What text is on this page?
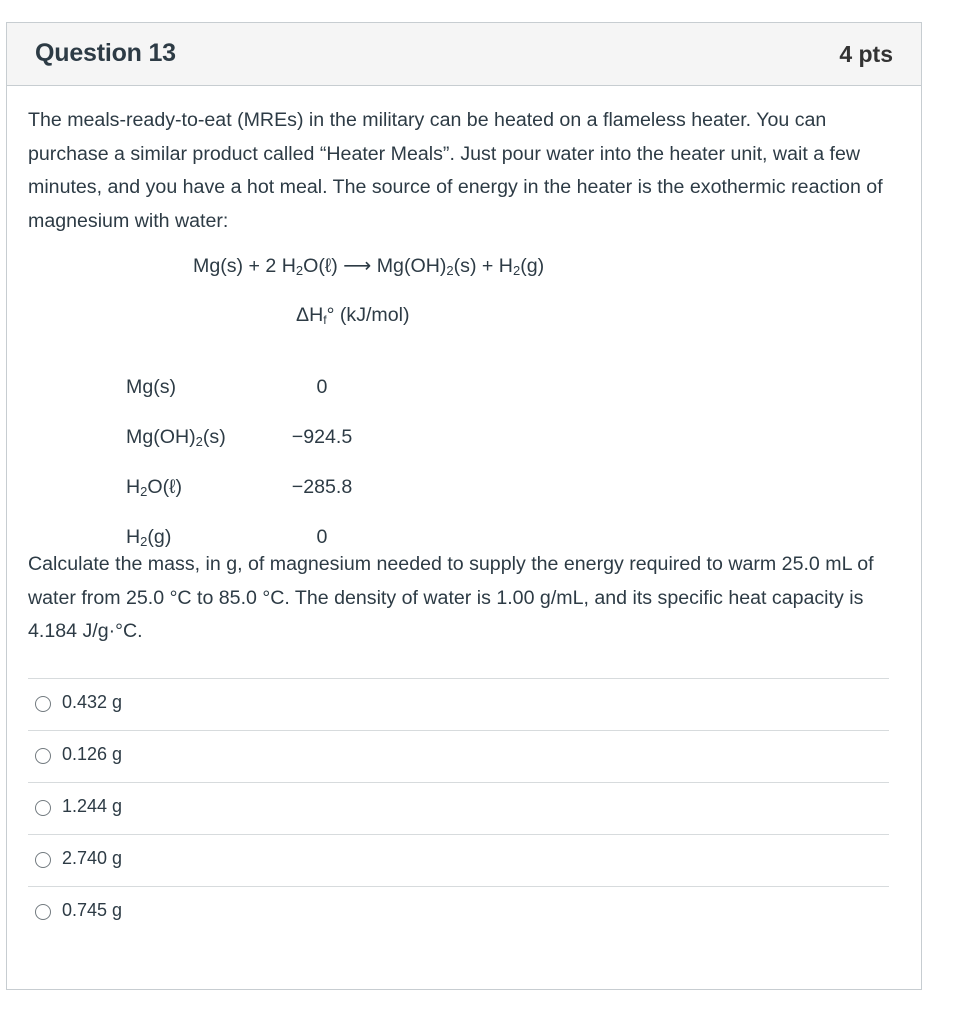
Question 13	4 pts
The meals-ready-to-eat (MREs) in the military can be heated on a flameless heater. You can purchase a similar product called “Heater Meals”. Just pour water into the heater unit, wait a few minutes, and you have a hot meal. The source of energy in the heater is the exothermic reaction of magnesium with water:
Mg(s) + 2 $H_2O(\ell)$ ⟶ $Mg(OH)_2(s) + H_2(g)$
$\Delta H_f^\circ$ (kJ/mol)
Mg(s)	0
$Mg(OH)_2(s)$	−924.5
$H_2O(\ell)$	−285.8
$H_2(g)$	0
Calculate the mass, in g, of magnesium needed to supply the energy required to warm 25.0 mL of water from 25.0 °C to 85.0 °C. The density of water is 1.00 g/mL, and its specific heat capacity is 4.184 J/g·°C.
0.432 g
0.126 g
1.244 g
2.740 g
0.745 g
